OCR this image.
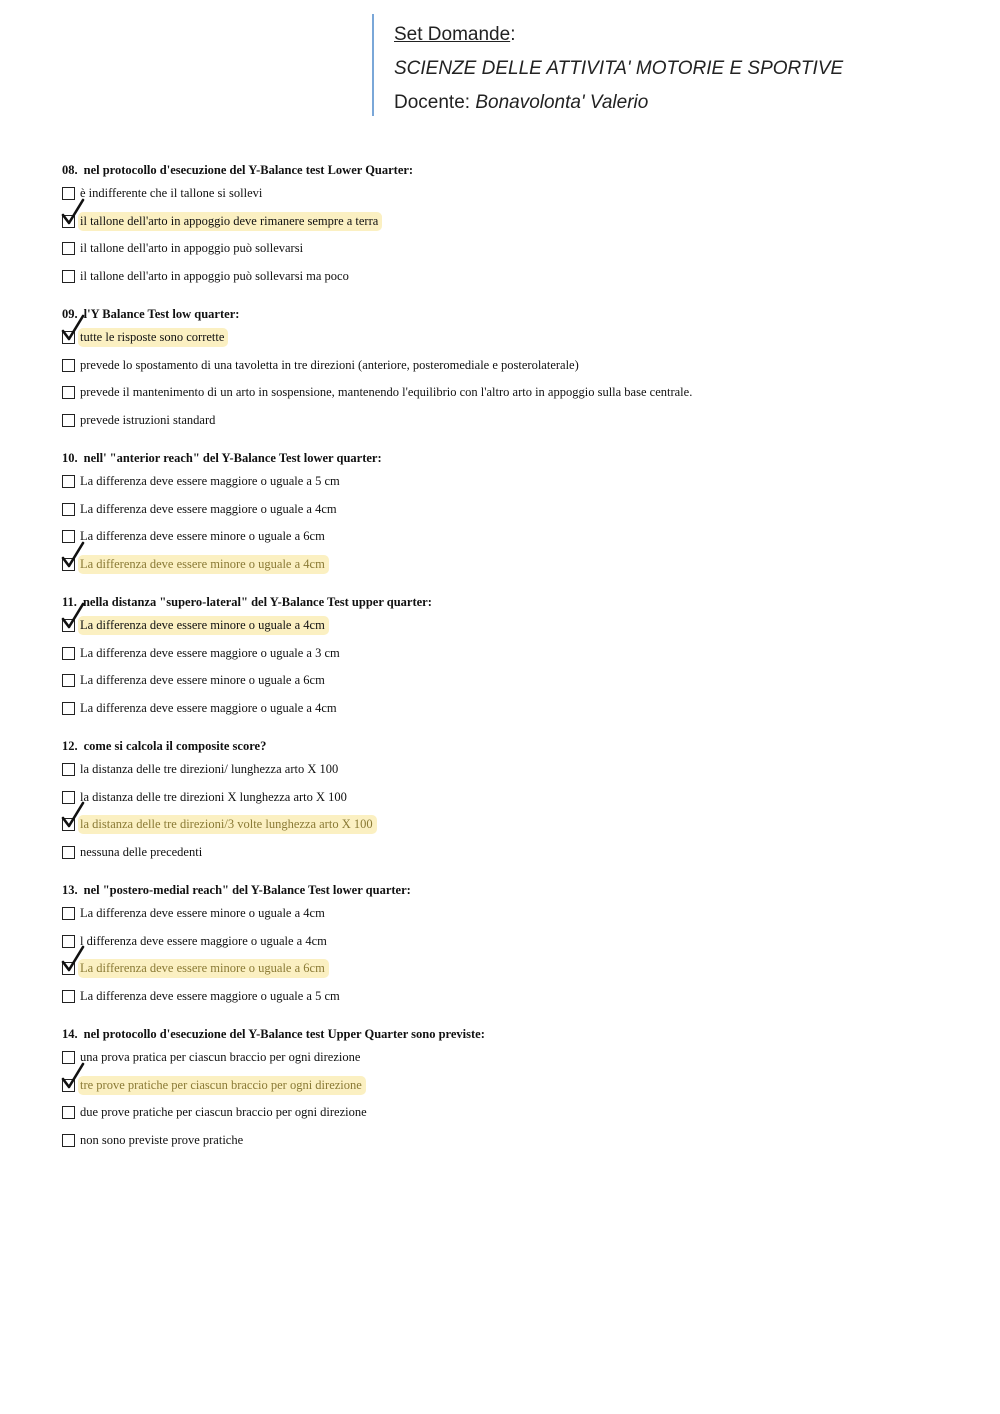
Set Domande:
SCIENZE DELLE ATTIVITA' MOTORIE E SPORTIVE
Docente: Bonavolonta' Valerio
08. nel protocollo d'esecuzione del Y-Balance test Lower Quarter:
è indifferente che il tallone si sollevi
il tallone dell'arto in appoggio deve rimanere sempre a terra
il tallone dell'arto in appoggio può sollevarsi
il tallone dell'arto in appoggio può sollevarsi ma poco
09. l'Y Balance Test low quarter:
tutte le risposte sono corrette
prevede lo spostamento di una tavoletta in tre direzioni (anteriore, posteromediale e posterolaterale)
prevede il mantenimento di un arto in sospensione, mantenendo l'equilibrio con l'altro arto in appoggio sulla base centrale.
prevede istruzioni standard
10. nell' "anterior reach" del Y-Balance Test lower quarter:
La differenza deve essere maggiore o uguale a 5 cm
La differenza deve essere maggiore o uguale a 4cm
La differenza deve essere minore o uguale a 6cm
La differenza deve essere minore o uguale a 4cm
11. nella distanza "supero-lateral" del Y-Balance Test upper quarter:
La differenza deve essere minore o uguale a 4cm
La differenza deve essere maggiore o uguale a 3 cm
La differenza deve essere minore o uguale a 6cm
La differenza deve essere maggiore o uguale a 4cm
12. come si calcola il composite score?
la distanza delle tre direzioni/ lunghezza arto X 100
la distanza delle tre direzioni X lunghezza arto X 100
la distanza delle tre direzioni/3 volte lunghezza arto X 100
nessuna delle precedenti
13. nel "postero-medial reach" del Y-Balance Test lower quarter:
La differenza deve essere minore o uguale a 4cm
l differenza deve essere maggiore o uguale a 4cm
La differenza deve essere minore o uguale a 6cm
La differenza deve essere maggiore o uguale a 5 cm
14. nel protocollo d'esecuzione del Y-Balance test Upper Quarter sono previste:
una prova pratica per ciascun braccio per ogni direzione
tre prove pratiche per ciascun braccio per ogni direzione
due prove pratiche per ciascun braccio per ogni direzione
non sono previste prove pratiche
